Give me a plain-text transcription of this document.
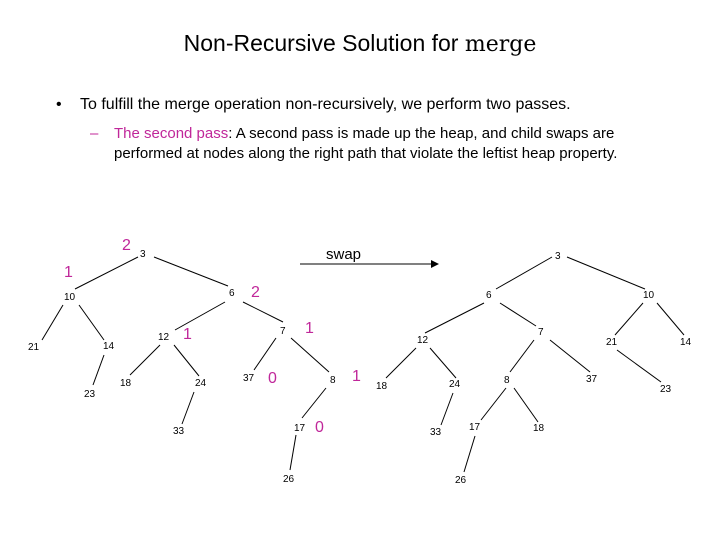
Non-Recursive Solution for merge
• To fulfill the merge operation non-recursively, we perform two passes.
– The second pass: A second pass is made up the heap, and child swaps are performed at nodes along the right path that violate the leftist heap property.
swap
3
10
21	14
23
6
12
18	24
33
7
37	8
17
26
2
1
2
1	1
0	1
0
3
6
12
18	24
33
7
8
17
26
18
37
10
21
23
14
